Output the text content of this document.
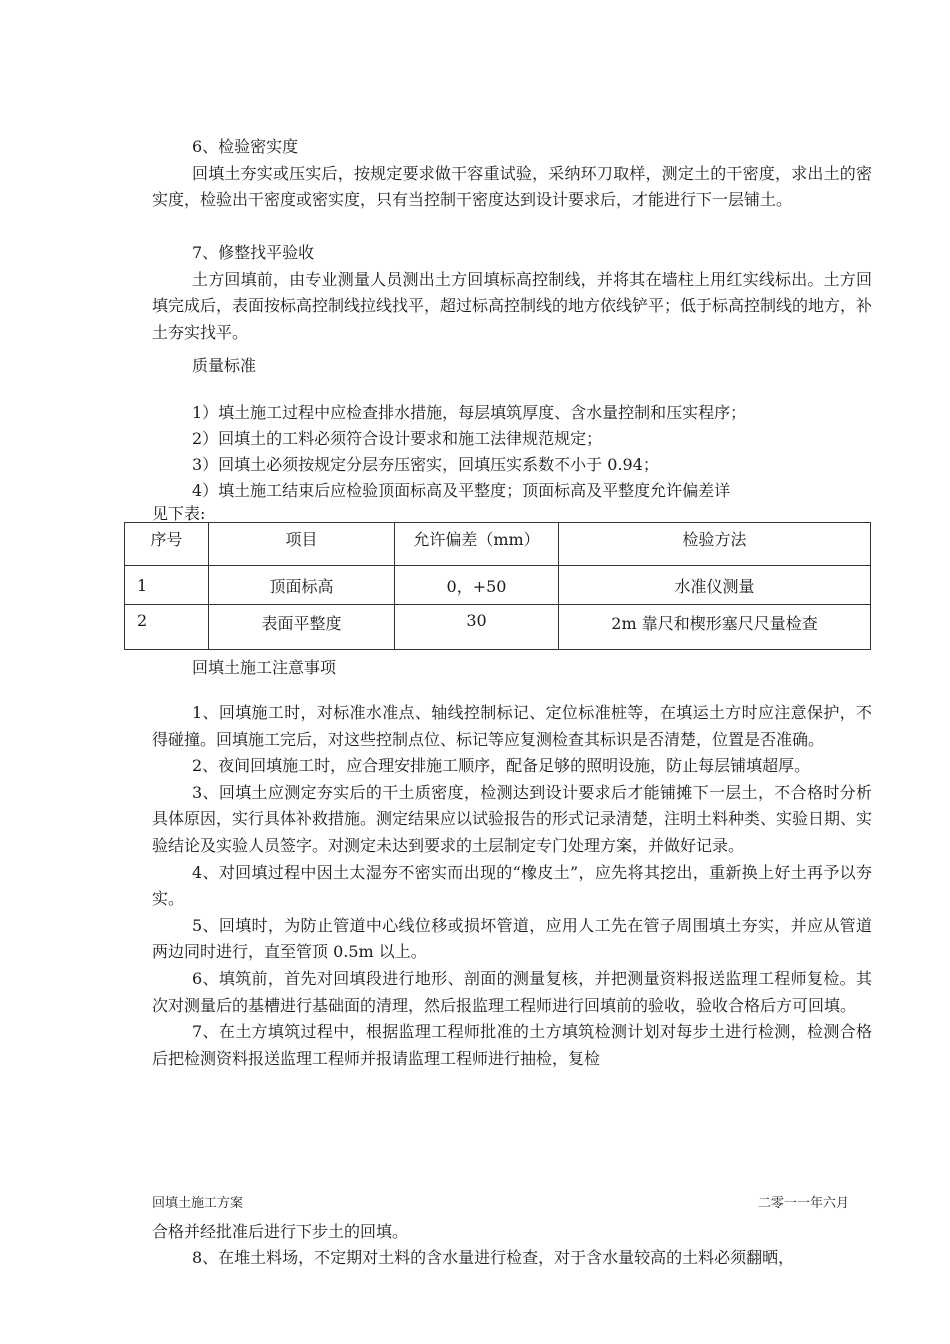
6、检验密实度
回填土夯实或压实后，按规定要求做干容重试验，采纳环刀取样，测定土的干密度，求出土的密实度，检验出干密度或密实度，只有当控制干密度达到设计要求后，才能进行下一层铺土。
7、修整找平验收
土方回填前，由专业测量人员测出土方回填标高控制线，并将其在墙柱上用红实线标出。土方回填完成后，表面按标高控制线拉线找平，超过标高控制线的地方依线铲平；低于标高控制线的地方，补土夯实找平。
质量标准
1）填土施工过程中应检查排水措施，每层填筑厚度、含水量控制和压实程序；
2）回填土的工料必须符合设计要求和施工法律规范规定；
3）回填土必须按规定分层夯压密实，回填压实系数不小于 0.94；
4）填土施工结束后应检验顶面标高及平整度；顶面标高及平整度允许偏差详
见下表:
序号	项目	允许偏差（mm）	检验方法
1	顶面标高	0，+50	水准仪测量
2	表面平整度	30	2m 靠尺和楔形塞尺尺量检查
回填土施工注意事项
1、回填施工时，对标准水准点、轴线控制标记、定位标准桩等，在填运土方时应注意保护，不得碰撞。回填施工完后，对这些控制点位、标记等应复测检查其标识是否清楚，位置是否准确。
2、夜间回填施工时，应合理安排施工顺序，配备足够的照明设施，防止每层铺填超厚。
3、回填土应测定夯实后的干土质密度，检测达到设计要求后才能铺摊下一层土，不合格时分析具体原因，实行具体补救措施。测定结果应以试验报告的形式记录清楚，注明土料种类、实验日期、实验结论及实验人员签字。对测定未达到要求的土层制定专门处理方案，并做好记录。
4、对回填过程中因土太湿夯不密实而出现的“橡皮土”，应先将其挖出，重新换上好土再予以夯实。
5、回填时，为防止管道中心线位移或损坏管道，应用人工先在管子周围填土夯实，并应从管道两边同时进行，直至管顶 0.5m 以上。
6、填筑前，首先对回填段进行地形、剖面的测量复核，并把测量资料报送监理工程师复检。其次对测量后的基槽进行基础面的清理，然后报监理工程师进行回填前的验收，验收合格后方可回填。
7、在土方填筑过程中，根据监理工程师批准的土方填筑检测计划对每步土进行检测，检测合格后把检测资料报送监理工程师并报请监理工程师进行抽检，复检
回填土施工方案	二零一一年六月
合格并经批准后进行下步土的回填。
8、在堆土料场，不定期对土料的含水量进行检查，对于含水量较高的土料必须翻晒，
